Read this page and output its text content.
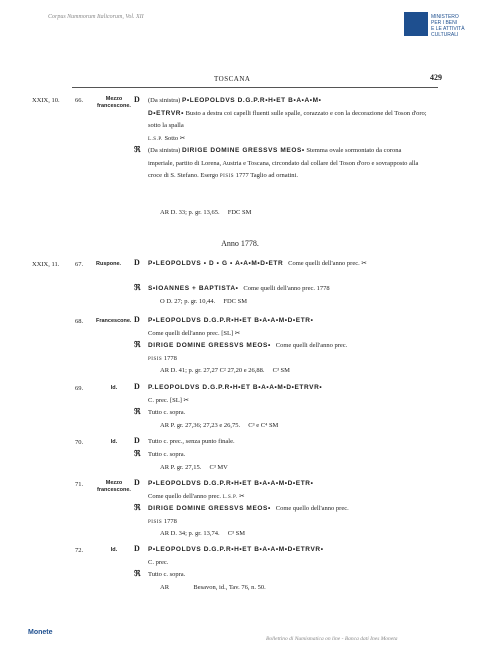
Corpus Nummorum Italicorum, Vol. XII	MINISTERO
PER I BENI
E LE ATTIVITÀ
CULTURALI
TOSCANA	429
XXIX, 10. 66.	Mezzo francescone.
D (Da sinistra) P•LEOPOLDVS D.G.P.R•H•ET B•A•A•M•
D•ETRVR• Busto a destra coi capelli fluenti sulle spalle, corazzato e con la decorazione del Toson d'oro; sotto la spalla
L.S.P. Sotto ✂
ℜ (Da sinistra) DIRIGE DOMINE GRESSVS MEOS• Stemma ovale sormontato da corona imperiale, partito di Lorena, Austria e Toscana, circondato dal collare del Toson d'oro e sovrapposto alla croce di S. Stefano. Esergo PISIS 1777 Taglio ad ornatini.
AR D. 33; p. gr. 13,65. FDC SM
Anno 1778.
XXIX, 11. 67. Ruspone. D P•LEOPOLDVS • D • G • A•A•M•D•ETR Come quelli dell'anno prec. ✂
ℜ S•IOANNES + BAPTISTA• Come quelli dell'anno prec. 1778
O D. 27; p. gr. 10,44. FDC SM
68. Francescone. D P•LEOPOLDVS D.G.P.R•H•ET B•A•A•M•D•ETR•
Come quelli dell'anno prec. [SL] ✂
ℜ DIRIGE DOMINE GRESSVS MEOS• Come quelli dell'anno prec.
PISIS 1778
AR D. 41; p. gr. 27,27 C² 27,20 e 26,88. C³ SM
69.	Id.	D P.LEOPOLDVS D.G.P.R•H•ET B•A•A•M•D•ETRVR•
C. prec. [SL] ✂
ℜ Tutto c. sopra.
AR P. gr. 27,36; 27,23 e 26,75. C³ e C⁴ SM
70.	Id.	D Tutto c. prec., senza punto finale.
ℜ Tutto c. sopra.
AR P. gr. 27,15. C³ MV
71.	Mezzo francescone.
D P•LEOPOLDVS D.G.P.R•H•ET B•A•A•M•D•ETR•
Come quello dell'anno prec. L.S.P. ✂
ℜ DIRIGE DOMINE GRESSVS MEOS• Come quello dell'anno prec.
PISIS 1778
AR D. 34; p. gr. 13,74. C³ SM
72.	Id.	D P•LEOPOLDVS D.G.P.R•H•ET B•A•A•M•D•ETRVR•
C. prec.
ℜ Tutto c. sopra.
AR	Besavon, id., Tav. 76, n. 50.
Monete
Bollettino di Numismatica on line - Banca dati Ines Moneta
